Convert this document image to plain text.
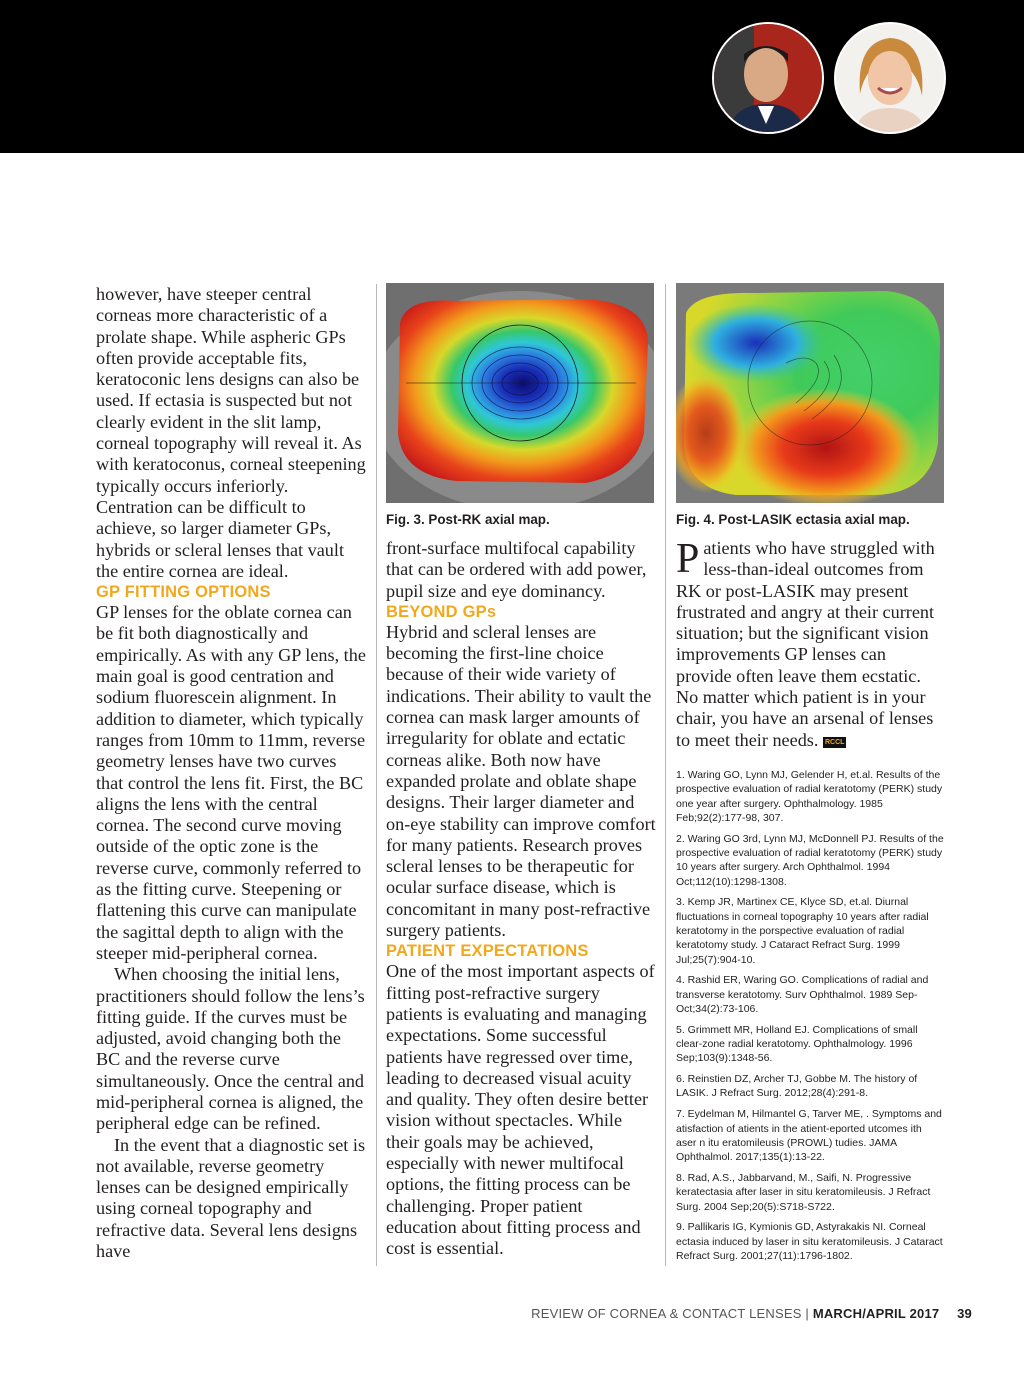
however, have steeper central corneas more characteristic of a prolate shape. While aspheric GPs often provide acceptable fits, keratoconic lens designs can also be used. If ectasia is suspected but not clearly evident in the slit lamp, corneal topography will reveal it. As with keratoconus, corneal steepening typically occurs inferiorly. Centration can be difficult to achieve, so larger diameter GPs, hybrids or scleral lenses that vault the entire cornea are ideal.

GP FITTING OPTIONS

GP lenses for the oblate cornea can be fit both diagnostically and empirically. As with any GP lens, the main goal is good centration and sodium fluorescein alignment. In addition to diameter, which typically ranges from 10mm to 11mm, reverse geometry lenses have two curves that control the lens fit. First, the BC aligns the lens with the central cornea. The second curve moving outside of the optic zone is the reverse curve, commonly referred to as the fitting curve. Steepening or flattening this curve can manipulate the sagittal depth to align with the steeper mid-peripheral cornea.

When choosing the initial lens, practitioners should follow the lens’s fitting guide. If the curves must be adjusted, avoid changing both the BC and the reverse curve simultaneously. Once the central and mid-peripheral cornea is aligned, the peripheral edge can be refined.

In the event that a diagnostic set is not available, reverse geometry lenses can be designed empirically using corneal topography and refractive data. Several lens designs have

Fig. 3. Post-RK axial map.	Fig. 4. Post-LASIK ectasia axial map.

front-surface multifocal capability that can be ordered with add power, pupil size and eye dominancy.

BEYOND GPs

Hybrid and scleral lenses are becoming the first-line choice because of their wide variety of indications. Their ability to vault the cornea can mask larger amounts of irregularity for oblate and ectatic corneas alike. Both now have expanded prolate and oblate shape designs. Their larger diameter and on-eye stability can improve comfort for many patients. Research proves scleral lenses to be therapeutic for ocular surface disease, which is concomitant in many post-refractive surgery patients.

PATIENT EXPECTATIONS

One of the most important aspects of fitting post-refractive surgery patients is evaluating and managing expectations. Some successful patients have regressed over time, leading to decreased visual acuity and quality. They often desire better vision without spectacles. While their goals may be achieved, especially with newer multifocal options, the fitting process can be challenging. Proper patient education about fitting process and cost is essential.

Patients who have struggled with less-than-ideal outcomes from RK or post-LASIK may present frustrated and angry at their current situation; but the significant vision improvements GP lenses can provide often leave them ecstatic. No matter which patient is in your chair, you have an arsenal of lenses to meet their needs. RCCL

1. Waring GO, Lynn MJ, Gelender H, et.al. Results of the prospective evaluation of radial keratotomy (PERK) study one year after surgery. Ophthalmology. 1985 Feb;92(2):177-98, 307.
2. Waring GO 3rd, Lynn MJ, McDonnell PJ. Results of the prospective evaluation of radial keratotomy (PERK) study 10 years after surgery. Arch Ophthalmol. 1994 Oct;112(10):1298-1308.
3. Kemp JR, Martinex CE, Klyce SD, et.al. Diurnal fluctuations in corneal topography 10 years after radial keratotomy in the porspective evaluation of radial keratotomy study. J Cataract Refract Surg. 1999 Jul;25(7):904-10.
4. Rashid ER, Waring GO. Complications of radial and transverse keratotomy. Surv Ophthalmol. 1989 Sep-Oct;34(2):73-106.
5. Grimmett MR, Holland EJ. Complications of small clear-zone radial keratotomy. Ophthalmology. 1996 Sep;103(9):1348-56.
6. Reinstien DZ, Archer TJ, Gobbe M. The history of LASIK. J Refract Surg. 2012;28(4):291-8.
7. Eydelman M, Hilmantel G, Tarver ME, . Symptoms and atisfaction of atients in the atient-eported utcomes ith aser n itu eratomileusis (PROWL) tudies. JAMA Ophthalmol. 2017;135(1):13-22.
8. Rad, A.S., Jabbarvand, M., Saifi, N. Progressive keratectasia after laser in situ keratomileusis. J Refract Surg. 2004 Sep;20(5):S718-S722.
9. Pallikaris IG, Kymionis GD, Astyrakakis NI. Corneal ectasia induced by laser in situ keratomileusis. J Cataract Refract Surg. 2001;27(11):1796-1802.
REVIEW OF CORNEA & CONTACT LENSES | MARCH/APRIL 2017 39
